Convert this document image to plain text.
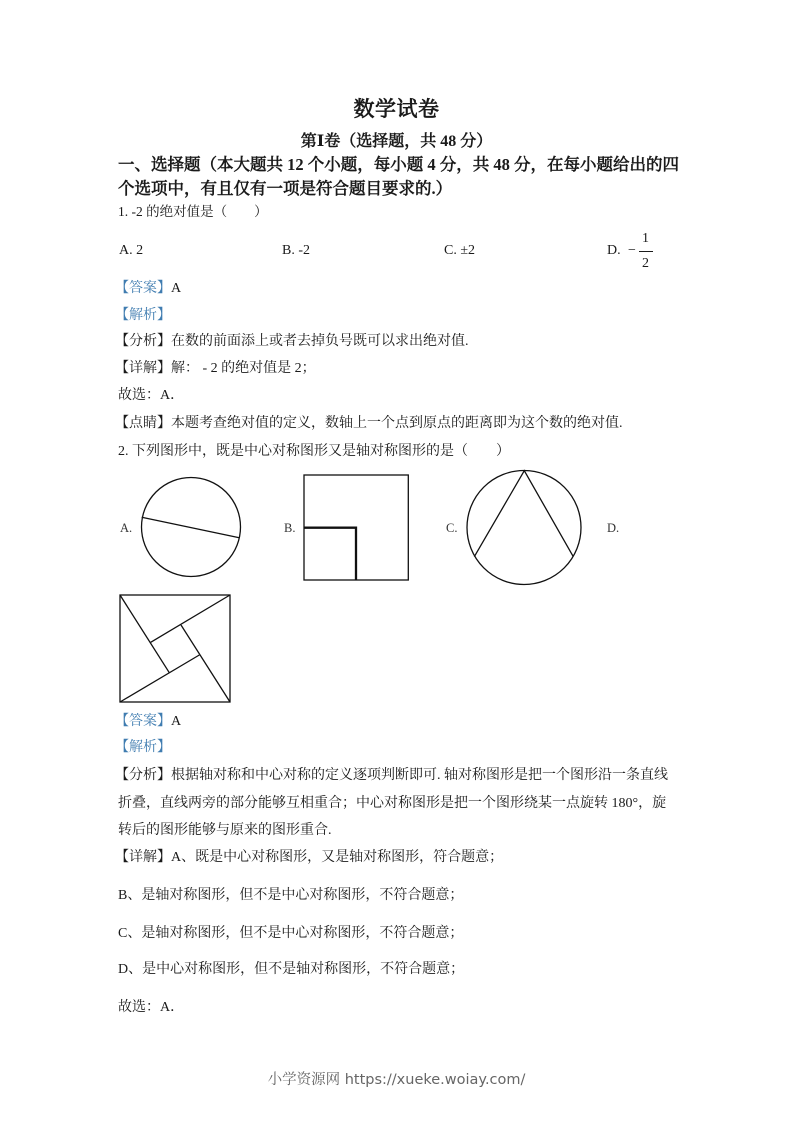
数学试卷
第Ⅰ卷（选择题，共 48 分）
一、选择题（本大题共 12 个小题，每小题 4 分，共 48 分，在每小题给出的四
个选项中，有且仅有一项是符合题目要求的.）
1. -2 的绝对值是（　　）
A. 2	B. -2	C. ±2	D. −
1
2
【答案】A
【解析】
【分析】在数的前面添上或者去掉负号既可以求出绝对值.
【详解】解： - 2 的绝对值是 2；
故选：A．
【点睛】本题考查绝对值的定义，数轴上一个点到原点的距离即为这个数的绝对值.
2. 下列图形中，既是中心对称图形又是轴对称图形的是（　　）
A.	B.	C.	D.
【答案】A
【解析】
【分析】根据轴对称和中心对称的定义逐项判断即可. 轴对称图形是把一个图形沿一条直线
折叠，直线两旁的部分能够互相重合；中心对称图形是把一个图形绕某一点旋转 180°，旋
转后的图形能够与原来的图形重合.
【详解】A、既是中心对称图形，又是轴对称图形，符合题意；
B、是轴对称图形，但不是中心对称图形，不符合题意；
C、是轴对称图形，但不是中心对称图形，不符合题意；
D、是中心对称图形，但不是轴对称图形，不符合题意；
故选：A．
小学资源网 https://xueke.woiay.com/
